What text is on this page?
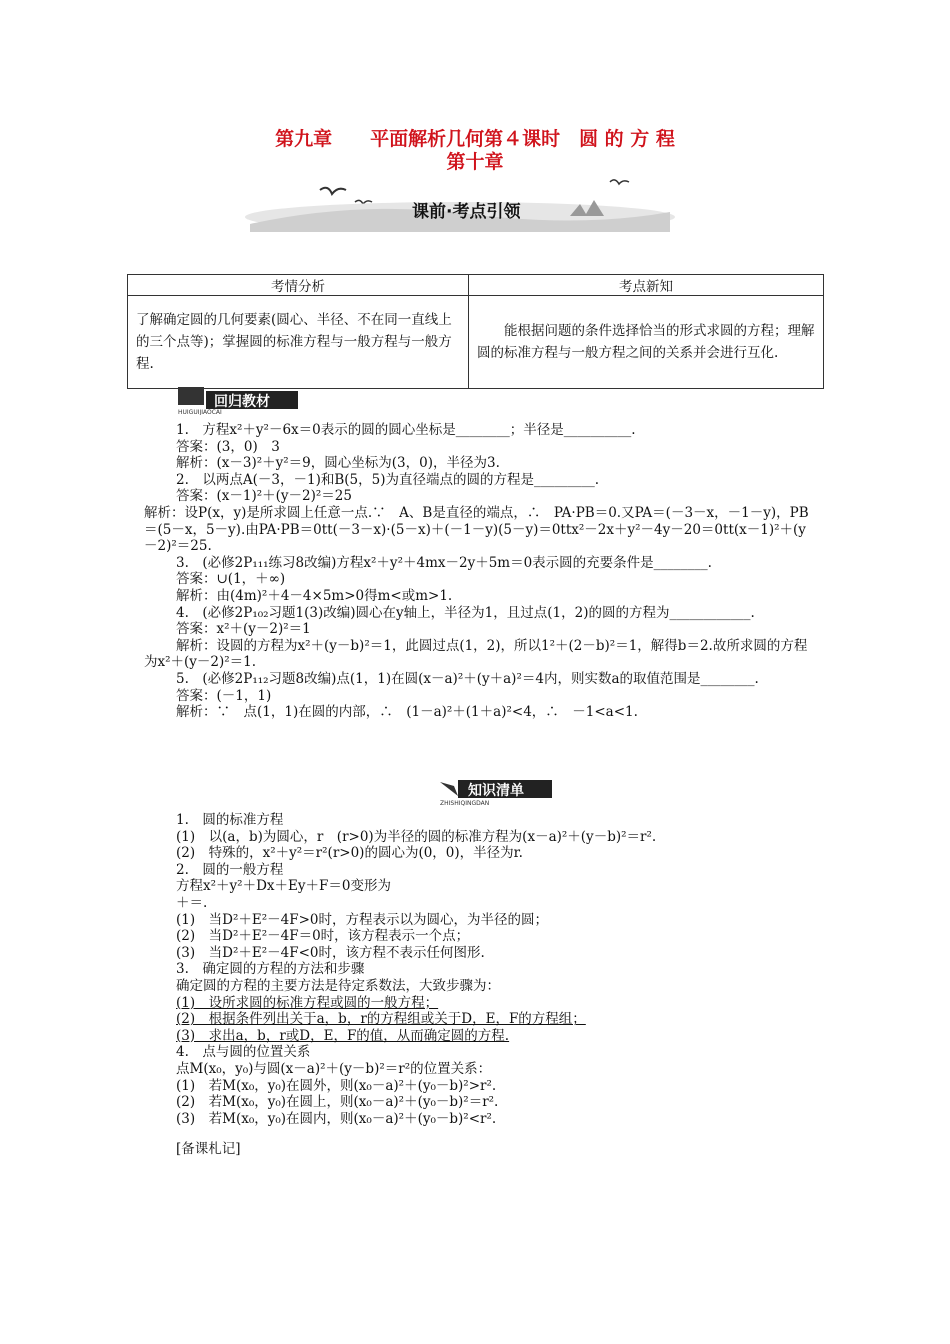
第九章　　平面解析几何第４课时　圆 的 方 程
第十章
课前·考点引领
考情分析	考点新知
了解确定圆的几何要素(圆心、半径、不在同一直线上的三个点等)；掌握圆的标准方程与一般方程与一般方程.	能根据问题的条件选择恰当的形式求圆的方程；理解圆的标准方程与一般方程之间的关系并会进行互化.
回归教材
HUIGUIJIAOCAI

1.　方程x²＋y²－6x＝0表示的圆的圆心坐标是________；半径是__________.

答案：(3，0)　3

解析：(x－3)²＋y²＝9，圆心坐标为(3，0)，半径为3.

2.　以两点A(－3，－1)和B(5，5)为直径端点的圆的方程是_________.

答案：(x－1)²＋(y－2)²＝25

解析：设P(x，y)是所求圆上任意一点.∵　A、B是直径的端点，∴　PA·PB＝0.又PA＝(－3－x，－1－y)，PB＝(5－x，5－y).由PA·PB＝0tt(－3－x)·(5－x)＋(－1－y)(5－y)＝0ttx²－2x＋y²－4y－20＝0tt(x－1)²＋(y－2)²＝25.

3.　(必修2P₁₁₁练习8改编)方程x²＋y²＋4mx－2y＋5m＝0表示圆的充要条件是________.

答案：∪(1，＋∞)

解析：由(4m)²＋4－4×5m>0得m<或m>1.

4.　(必修2P₁₀₂习题1(3)改编)圆心在y轴上，半径为1，且过点(1，2)的圆的方程为____________.

答案：x²＋(y－2)²＝1

解析：设圆的方程为x²＋(y－b)²＝1，此圆过点(1，2)，所以1²＋(2－b)²＝1，解得b＝2.故所求圆的方程为x²＋(y－2)²＝1.

5.　(必修2P₁₁₂习题8改编)点(1，1)在圆(x－a)²＋(y＋a)²＝4内，则实数a的取值范围是________.

答案：(－1，1)

解析：∵　点(1，1)在圆的内部，∴　(1－a)²＋(1＋a)²<4，∴　－1<a<1.

知识清单
ZHISHIQINGDAN

1.　圆的标准方程

(1)　以(a，b)为圆心，r　(r>0)为半径的圆的标准方程为(x－a)²＋(y－b)²＝r².

(2)　特殊的，x²＋y²＝r²(r>0)的圆心为(0，0)，半径为r.

2.　圆的一般方程

方程x²＋y²＋Dx＋Ey＋F＝0变形为

＋＝.

(1)　当D²＋E²－4F>0时，方程表示以为圆心，为半径的圆；

(2)　当D²＋E²－4F＝0时，该方程表示一个点；

(3)　当D²＋E²－4F<0时，该方程不表示任何图形.

3.　确定圆的方程的方法和步骤

确定圆的方程的主要方法是待定系数法，大致步骤为：

(1)　设所求圆的标准方程或圆的一般方程；

(2)　根据条件列出关于a，b，r的方程组或关于D，E，F的方程组；

(3)　求出a，b，r或D，E，F的值，从而确定圆的方程.

4.　点与圆的位置关系

点M(x₀，y₀)与圆(x－a)²＋(y－b)²＝r²的位置关系：

(1)　若M(x₀，y₀)在圆外，则(x₀－a)²＋(y₀－b)²>r².

(2)　若M(x₀，y₀)在圆上，则(x₀－a)²＋(y₀－b)²＝r².

(3)　若M(x₀，y₀)在圆内，则(x₀－a)²＋(y₀－b)²<r².

[备课札记]
